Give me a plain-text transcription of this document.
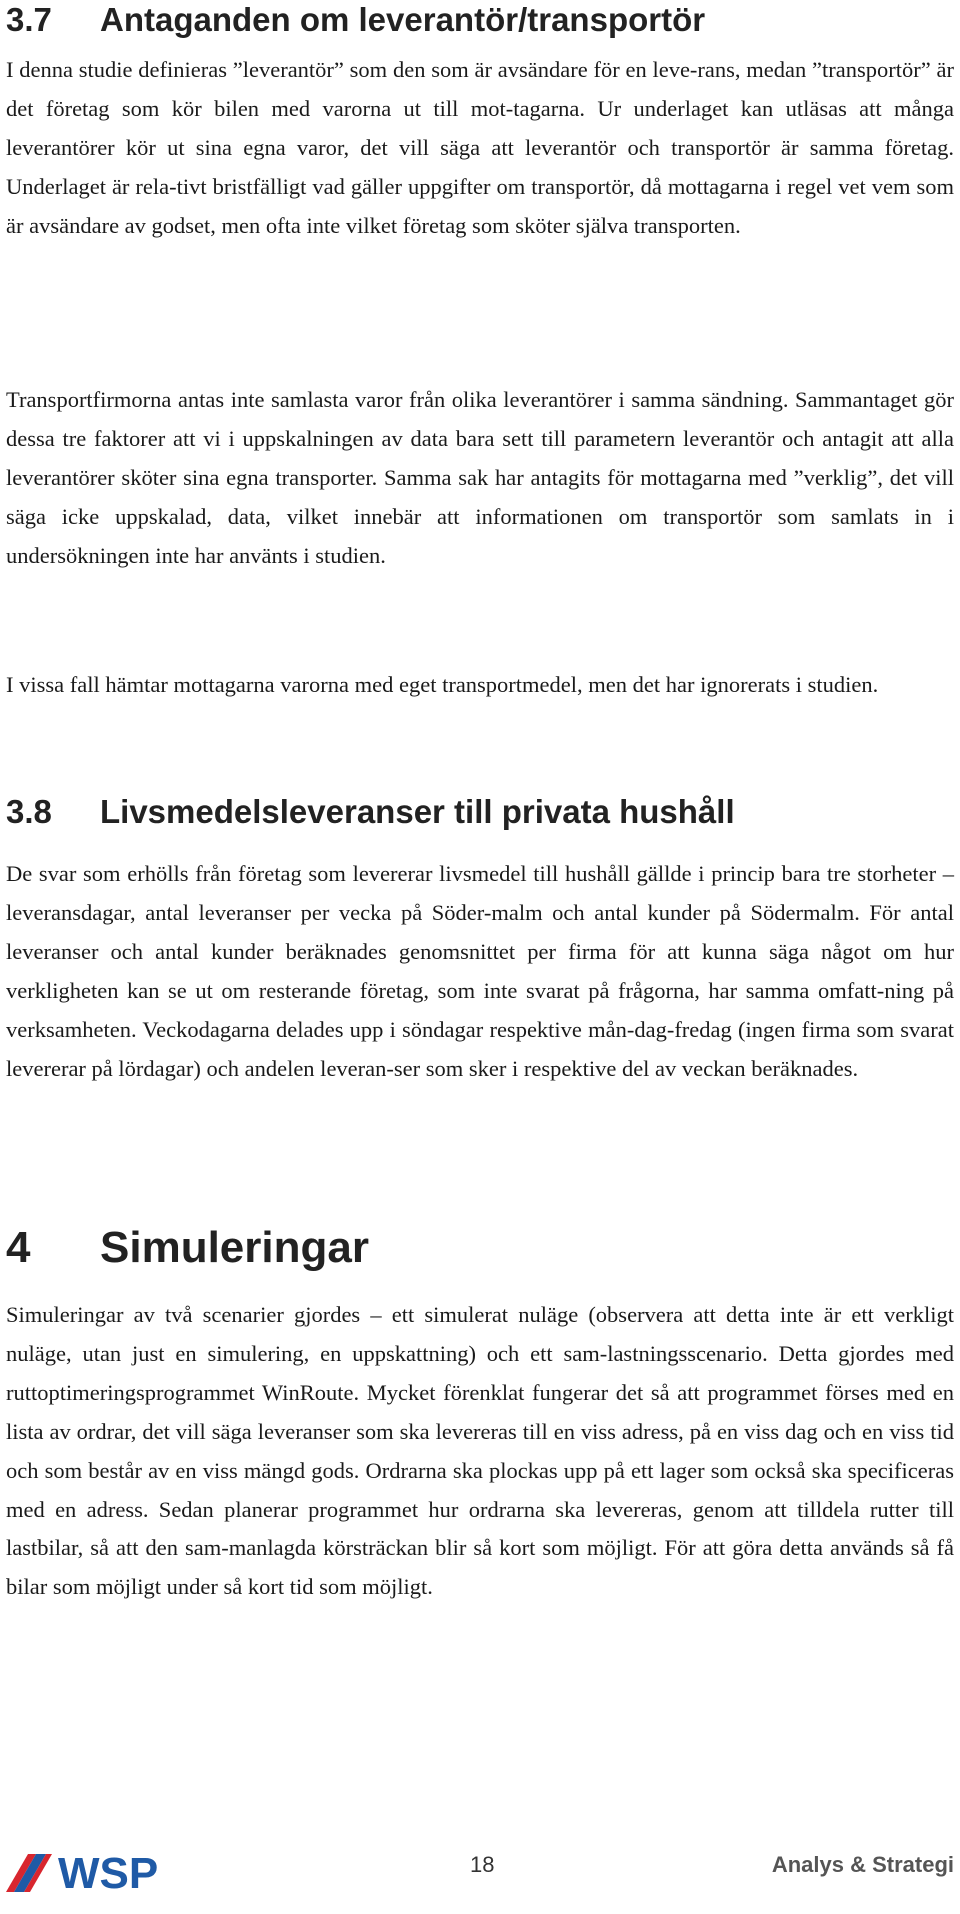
3.7 Antaganden om leverantör/transportör

I denna studie definieras ”leverantör” som den som är avsändare för en leve-rans, medan ”transportör” är det företag som kör bilen med varorna ut till mot-tagarna. Ur underlaget kan utläsas att många leverantörer kör ut sina egna varor, det vill säga att leverantör och transportör är samma företag. Underlaget är rela-tivt bristfälligt vad gäller uppgifter om transportör, då mottagarna i regel vet vem som är avsändare av godset, men ofta inte vilket företag som sköter själva transporten.

Transportfirmorna antas inte samlasta varor från olika leverantörer i samma sändning. Sammantaget gör dessa tre faktorer att vi i uppskalningen av data bara sett till parametern leverantör och antagit att alla leverantörer sköter sina egna transporter. Samma sak har antagits för mottagarna med ”verklig”, det vill säga icke uppskalad, data, vilket innebär att informationen om transportör som samlats in i undersökningen inte har använts i studien.

I vissa fall hämtar mottagarna varorna med eget transportmedel, men det har ignorerats i studien.

3.8 Livsmedelsleveranser till privata hushåll

De svar som erhölls från företag som levererar livsmedel till hushåll gällde i princip bara tre storheter – leveransdagar, antal leveranser per vecka på Söder-malm och antal kunder på Södermalm. För antal leveranser och antal kunder beräknades genomsnittet per firma för att kunna säga något om hur verkligheten kan se ut om resterande företag, som inte svarat på frågorna, har samma omfatt-ning på verksamheten. Veckodagarna delades upp i söndagar respektive mån-dag-fredag (ingen firma som svarat levererar på lördagar) och andelen leveran-ser som sker i respektive del av veckan beräknades.

4 Simuleringar

Simuleringar av två scenarier gjordes – ett simulerat nuläge (observera att detta inte är ett verkligt nuläge, utan just en simulering, en uppskattning) och ett sam-lastningsscenario. Detta gjordes med ruttoptimeringsprogrammet WinRoute. Mycket förenklat fungerar det så att programmet förses med en lista av ordrar, det vill säga leveranser som ska levereras till en viss adress, på en viss dag och en viss tid och som består av en viss mängd gods. Ordrarna ska plockas upp på ett lager som också ska specificeras med en adress. Sedan planerar programmet hur ordrarna ska levereras, genom att tilldela rutter till lastbilar, så att den sam-manlagda körsträckan blir så kort som möjligt. För att göra detta används så få bilar som möjligt under så kort tid som möjligt.

WSP	18	Analys & Strategi
